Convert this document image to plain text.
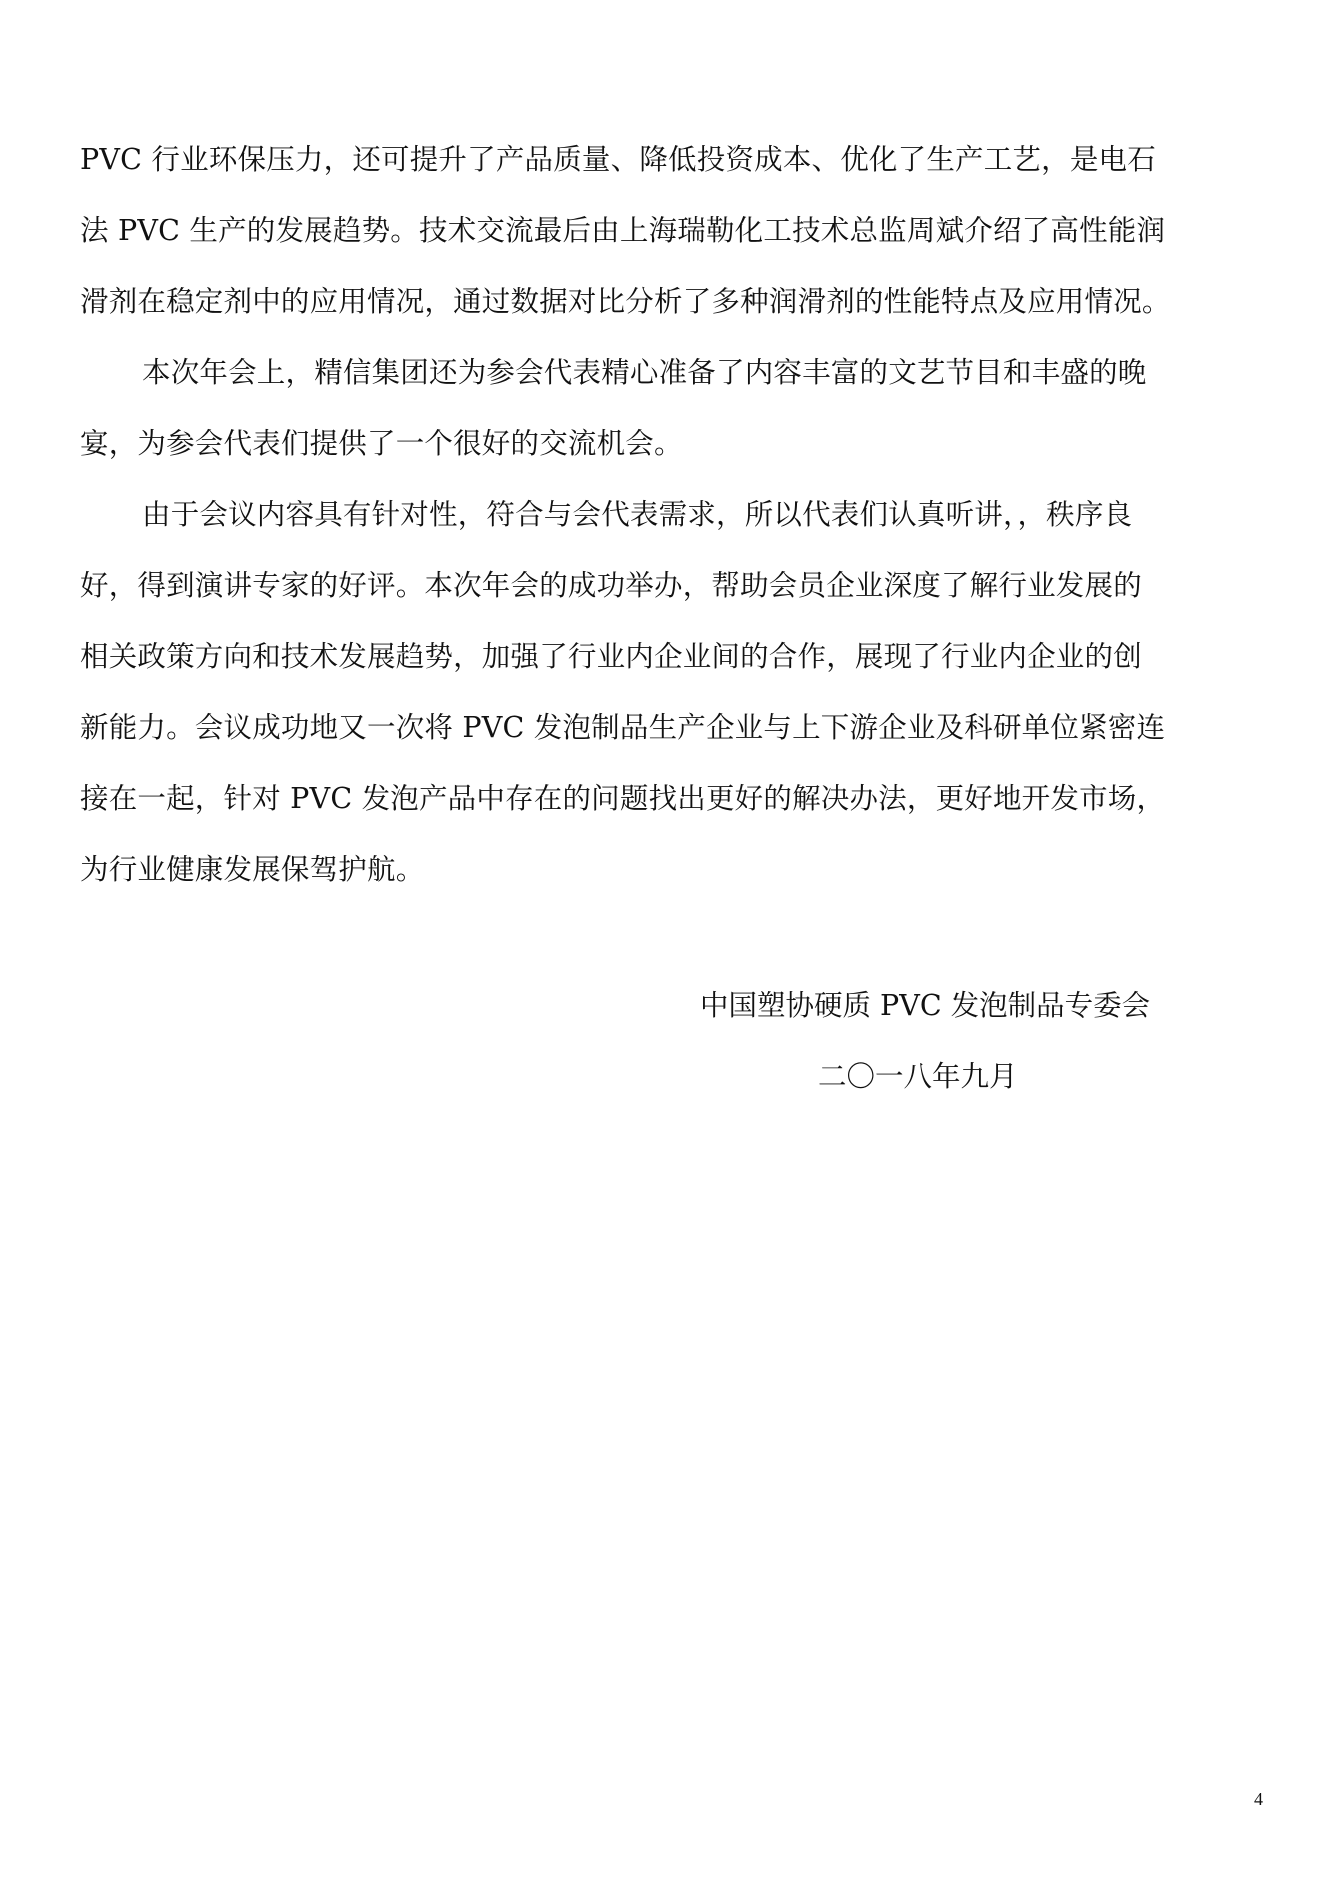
PVC 行业环保压力，还可提升了产品质量、降低投资成本、优化了生产工艺，是电石
法 PVC 生产的发展趋势。技术交流最后由上海瑞勒化工技术总监周斌介绍了高性能润
滑剂在稳定剂中的应用情况，通过数据对比分析了多种润滑剂的性能特点及应用情况。
本次年会上，精信集团还为参会代表精心准备了内容丰富的文艺节目和丰盛的晚
宴，为参会代表们提供了一个很好的交流机会。
由于会议内容具有针对性，符合与会代表需求，所以代表们认真听讲，，秩序良
好，得到演讲专家的好评。本次年会的成功举办，帮助会员企业深度了解行业发展的
相关政策方向和技术发展趋势，加强了行业内企业间的合作，展现了行业内企业的创
新能力。会议成功地又一次将 PVC 发泡制品生产企业与上下游企业及科研单位紧密连
接在一起，针对 PVC 发泡产品中存在的问题找出更好的解决办法，更好地开发市场，
为行业健康发展保驾护航。
中国塑协硬质 PVC 发泡制品专委会
二〇一八年九月
4
